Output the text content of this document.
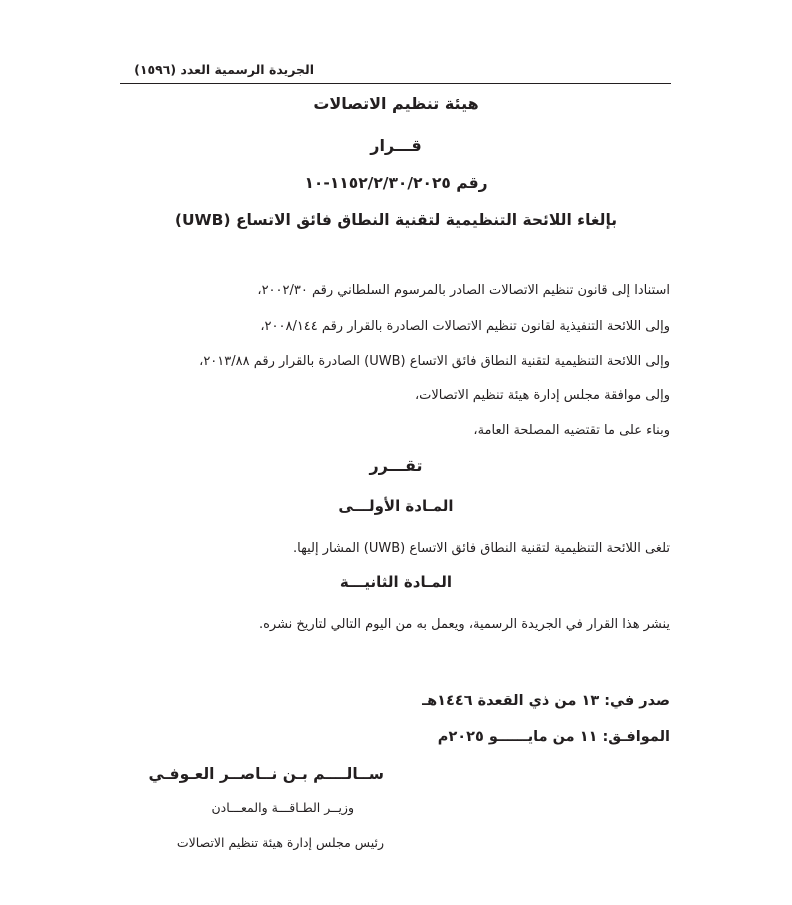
الجريدة الرسمية العدد (١٥٩٦)
هيئة تنظيم الاتصالات
قـــرار
رقم ١١٥٢/٢/٣٠/٢٠٢٥-١٠
بإلغاء اللائحة التنظيمية لتقنية النطاق فائق الاتساع (UWB)
استنادا إلى قانون تنظيم الاتصالات الصادر بالمرسوم السلطاني رقم ٢٠٠٢/٣٠،
وإلى اللائحة التنفيذية لقانون تنظيم الاتصالات الصادرة بالقرار رقم ٢٠٠٨/١٤٤،
وإلى اللائحة التنظيمية لتقنية النطاق فائق الاتساع (UWB) الصادرة بالقرار رقم ٢٠١٣/٨٨،
وإلى موافقة مجلس إدارة هيئة تنظيم الاتصالات،
وبناء على ما تقتضيه المصلحة العامة،
تقـــرر
المـادة الأولـــى
تلغى اللائحة التنظيمية لتقنية النطاق فائق الاتساع (UWB) المشار إليها.
المـادة الثانيـــة
ينشر هذا القرار في الجريدة الرسمية، ويعمل به من اليوم التالي لتاريخ نشره.
صدر في: ١٣ من ذي القعدة ١٤٤٦هـ
الموافـق: ١١ من مايــــــو ٢٠٢٥م
ســالــــم بـن نــاصــر العـوفـي
وزيــر الطـاقـــة والمعـــادن
رئيس مجلس إدارة هيئة تنظيم الاتصالات
